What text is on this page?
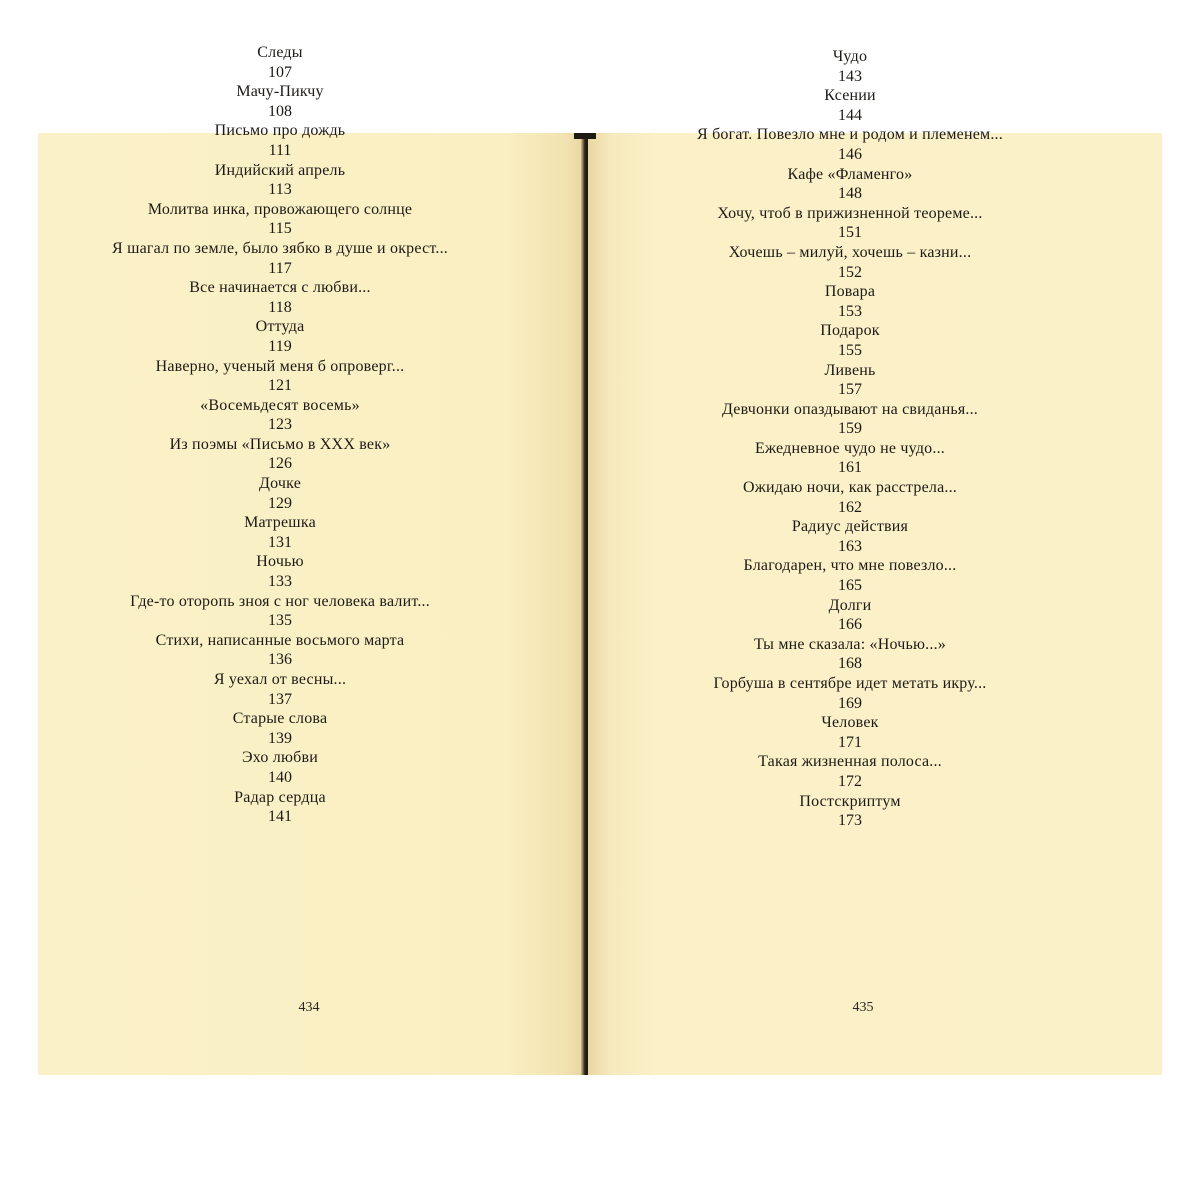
Следы
107
Мачу-Пикчу
108
Письмо про дождь
111
Индийский апрель
113
Молитва инка, провожающего солнце
115
Я шагал по земле, было зябко в душе и окрест...
117
Все начинается с любви...
118
Оттуда
119
Наверно, ученый меня б опроверг...
121
«Восемьдесят восемь»
123
Из поэмы «Письмо в XXX век»
126
Дочке
129
Матрешка
131
Ночью
133
Где-то оторопь зноя с ног человека валит...
135
Стихи, написанные восьмого марта
136
Я уехал от весны...
137
Старые слова
139
Эхо любви
140
Радар сердца
141
Чудо
143
Ксении
144
Я богат. Повезло мне и родом и племенем...
146
Кафе «Фламенго»
148
Хочу, чтоб в прижизненной теореме...
151
Хочешь – милуй, хочешь – казни...
152
Повара
153
Подарок
155
Ливень
157
Девчонки опаздывают на свиданья...
159
Ежедневное чудо не чудо...
161
Ожидаю ночи, как расстрела...
162
Радиус действия
163
Благодарен, что мне повезло...
165
Долги
166
Ты мне сказала: «Ночью...»
168
Горбуша в сентябре идет метать икру...
169
Человек
171
Такая жизненная полоса...
172
Постскриптум
173
434	435
